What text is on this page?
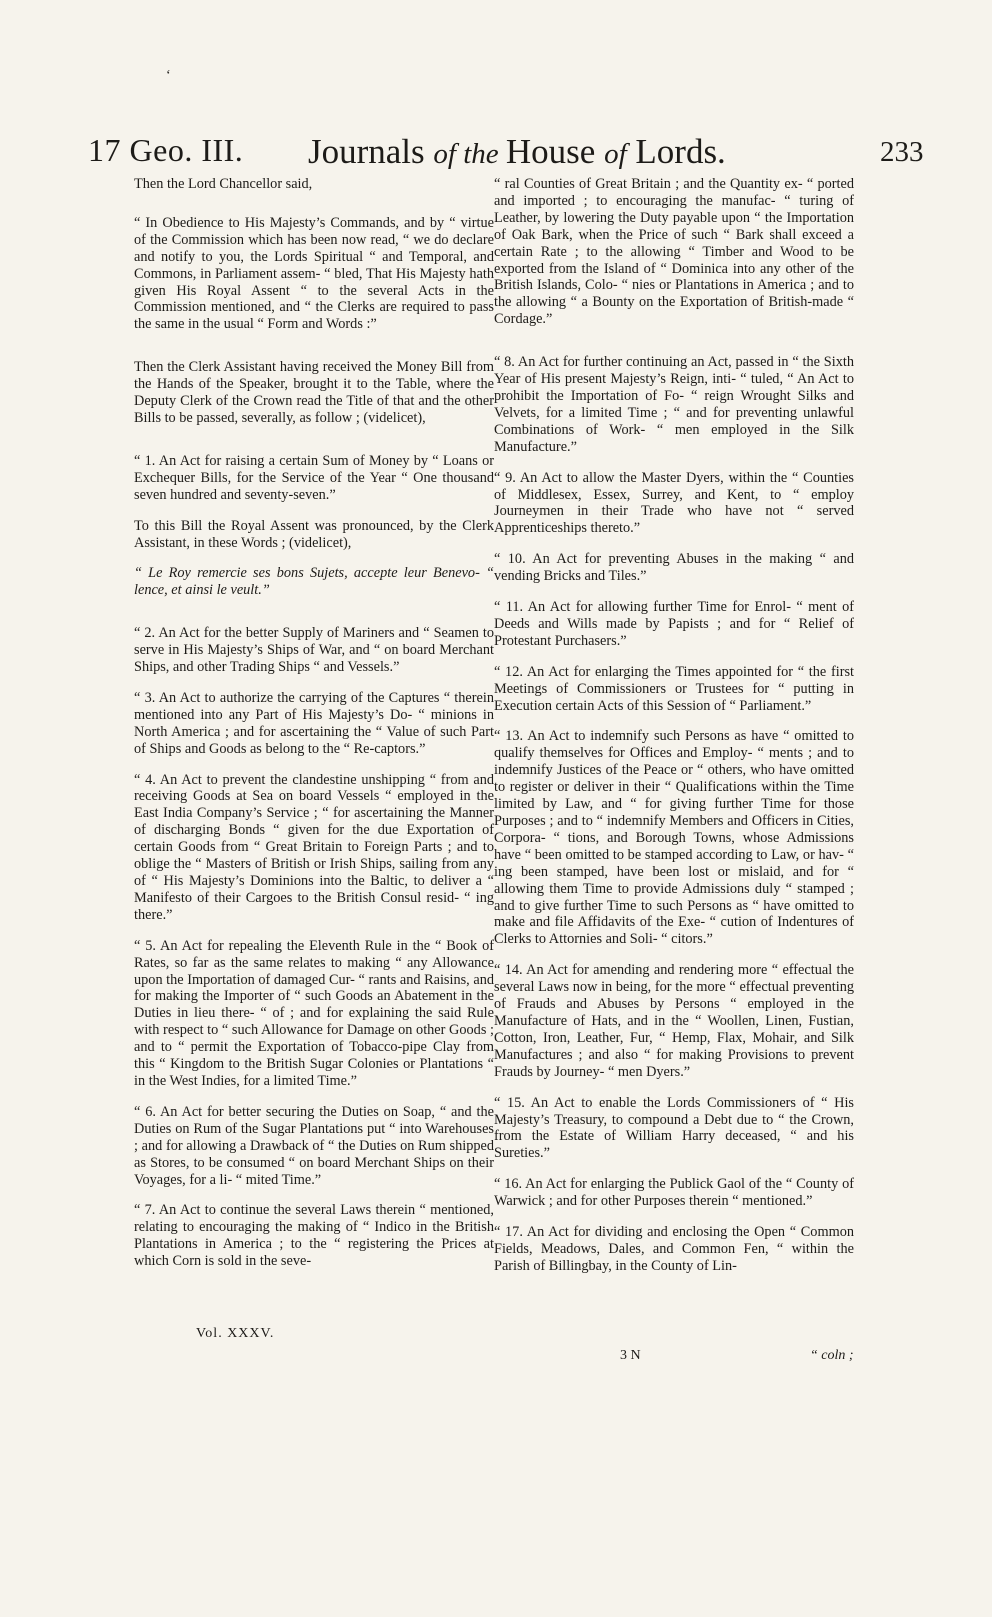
‘
17 Geo. III. Journals of the House of Lords.	233

Then the Lord Chancellor said,

“ In Obedience to His Majesty’s Commands, and by “ virtue of the Commission which has been now read, “ we do declare and notify to you, the Lords Spiritual “ and Temporal, and Commons, in Parliament assem- “ bled, That His Majesty hath given His Royal Assent “ to the several Acts in the Commission mentioned, and “ the Clerks are required to pass the same in the usual “ Form and Words :”

Then the Clerk Assistant having received the Money Bill from the Hands of the Speaker, brought it to the Table, where the Deputy Clerk of the Crown read the Title of that and the other Bills to be passed, severally, as follow ; (videlicet),

“ 1. An Act for raising a certain Sum of Money by “ Loans or Exchequer Bills, for the Service of the Year “ One thousand seven hundred and seventy-seven.”

To this Bill the Royal Assent was pronounced, by the Clerk Assistant, in these Words ; (videlicet),

“ Le Roy remercie ses bons Sujets, accepte leur Benevo- “ lence, et ainsi le veult.”

“ 2. An Act for the better Supply of Mariners and “ Seamen to serve in His Majesty’s Ships of War, and “ on board Merchant Ships, and other Trading Ships “ and Vessels.”

“ 3. An Act to authorize the carrying of the Captures “ therein mentioned into any Part of His Majesty’s Do- “ minions in North America ; and for ascertaining the “ Value of such Part of Ships and Goods as belong to the “ Re-captors.”

“ 4. An Act to prevent the clandestine unshipping “ from and receiving Goods at Sea on board Vessels “ employed in the East India Company’s Service ; “ for ascertaining the Manner of discharging Bonds “ given for the due Exportation of certain Goods from “ Great Britain to Foreign Parts ; and to oblige the “ Masters of British or Irish Ships, sailing from any of “ His Majesty’s Dominions into the Baltic, to deliver a “ Manifesto of their Cargoes to the British Consul resid- “ ing there.”

“ 5. An Act for repealing the Eleventh Rule in the “ Book of Rates, so far as the same relates to making “ any Allowance upon the Importation of damaged Cur- “ rants and Raisins, and for making the Importer of “ such Goods an Abatement in the Duties in lieu there- “ of ; and for explaining the said Rule with respect to “ such Allowance for Damage on other Goods ; and to “ permit the Exportation of Tobacco-pipe Clay from this “ Kingdom to the British Sugar Colonies or Plantations “ in the West Indies, for a limited Time.”

“ 6. An Act for better securing the Duties on Soap, “ and the Duties on Rum of the Sugar Plantations put “ into Warehouses ; and for allowing a Drawback of “ the Duties on Rum shipped as Stores, to be consumed “ on board Merchant Ships on their Voyages, for a li- “ mited Time.”

“ 7. An Act to continue the several Laws therein “ mentioned, relating to encouraging the making of “ Indico in the British Plantations in America ; to the “ registering the Prices at which Corn is sold in the seve-

“ ral Counties of Great Britain ; and the Quantity ex- “ ported and imported ; to encouraging the manufac- “ turing of Leather, by lowering the Duty payable upon “ the Importation of Oak Bark, when the Price of such “ Bark shall exceed a certain Rate ; to the allowing “ Timber and Wood to be exported from the Island of “ Dominica into any other of the British Islands, Colo- “ nies or Plantations in America ; and to the allowing “ a Bounty on the Exportation of British-made “ Cordage.”

“ 8. An Act for further continuing an Act, passed in “ the Sixth Year of His present Majesty’s Reign, inti- “ tuled, “ An Act to prohibit the Importation of Fo- “ reign Wrought Silks and Velvets, for a limited Time ; “ and for preventing unlawful Combinations of Work- “ men employed in the Silk Manufacture.”

“ 9. An Act to allow the Master Dyers, within the “ Counties of Middlesex, Essex, Surrey, and Kent, to “ employ Journeymen in their Trade who have not “ served Apprenticeships thereto.”

“ 10. An Act for preventing Abuses in the making “ and vending Bricks and Tiles.”

“ 11. An Act for allowing further Time for Enrol- “ ment of Deeds and Wills made by Papists ; and for “ Relief of Protestant Purchasers.”

“ 12. An Act for enlarging the Times appointed for “ the first Meetings of Commissioners or Trustees for “ putting in Execution certain Acts of this Session of “ Parliament.”

“ 13. An Act to indemnify such Persons as have “ omitted to qualify themselves for Offices and Employ- “ ments ; and to indemnify Justices of the Peace or “ others, who have omitted to register or deliver in their “ Qualifications within the Time limited by Law, and “ for giving further Time for those Purposes ; and to “ indemnify Members and Officers in Cities, Corpora- “ tions, and Borough Towns, whose Admissions have “ been omitted to be stamped according to Law, or hav- “ ing been stamped, have been lost or mislaid, and for “ allowing them Time to provide Admissions duly “ stamped ; and to give further Time to such Persons as “ have omitted to make and file Affidavits of the Exe- “ cution of Indentures of Clerks to Attornies and Soli- “ citors.”

“ 14. An Act for amending and rendering more “ effectual the several Laws now in being, for the more “ effectual preventing of Frauds and Abuses by Persons “ employed in the Manufacture of Hats, and in the “ Woollen, Linen, Fustian, Cotton, Iron, Leather, Fur, “ Hemp, Flax, Mohair, and Silk Manufactures ; and also “ for making Provisions to prevent Frauds by Journey- “ men Dyers.”

“ 15. An Act to enable the Lords Commissioners of “ His Majesty’s Treasury, to compound a Debt due to “ the Crown, from the Estate of William Harry deceased, “ and his Sureties.”

“ 16. An Act for enlarging the Publick Gaol of the “ County of Warwick ; and for other Purposes therein “ mentioned.”

“ 17. An Act for dividing and enclosing the Open “ Common Fields, Meadows, Dales, and Common Fen, “ within the Parish of Billingbay, in the County of Lin-

Vol. XXXV.
3 N	“ coln ;
